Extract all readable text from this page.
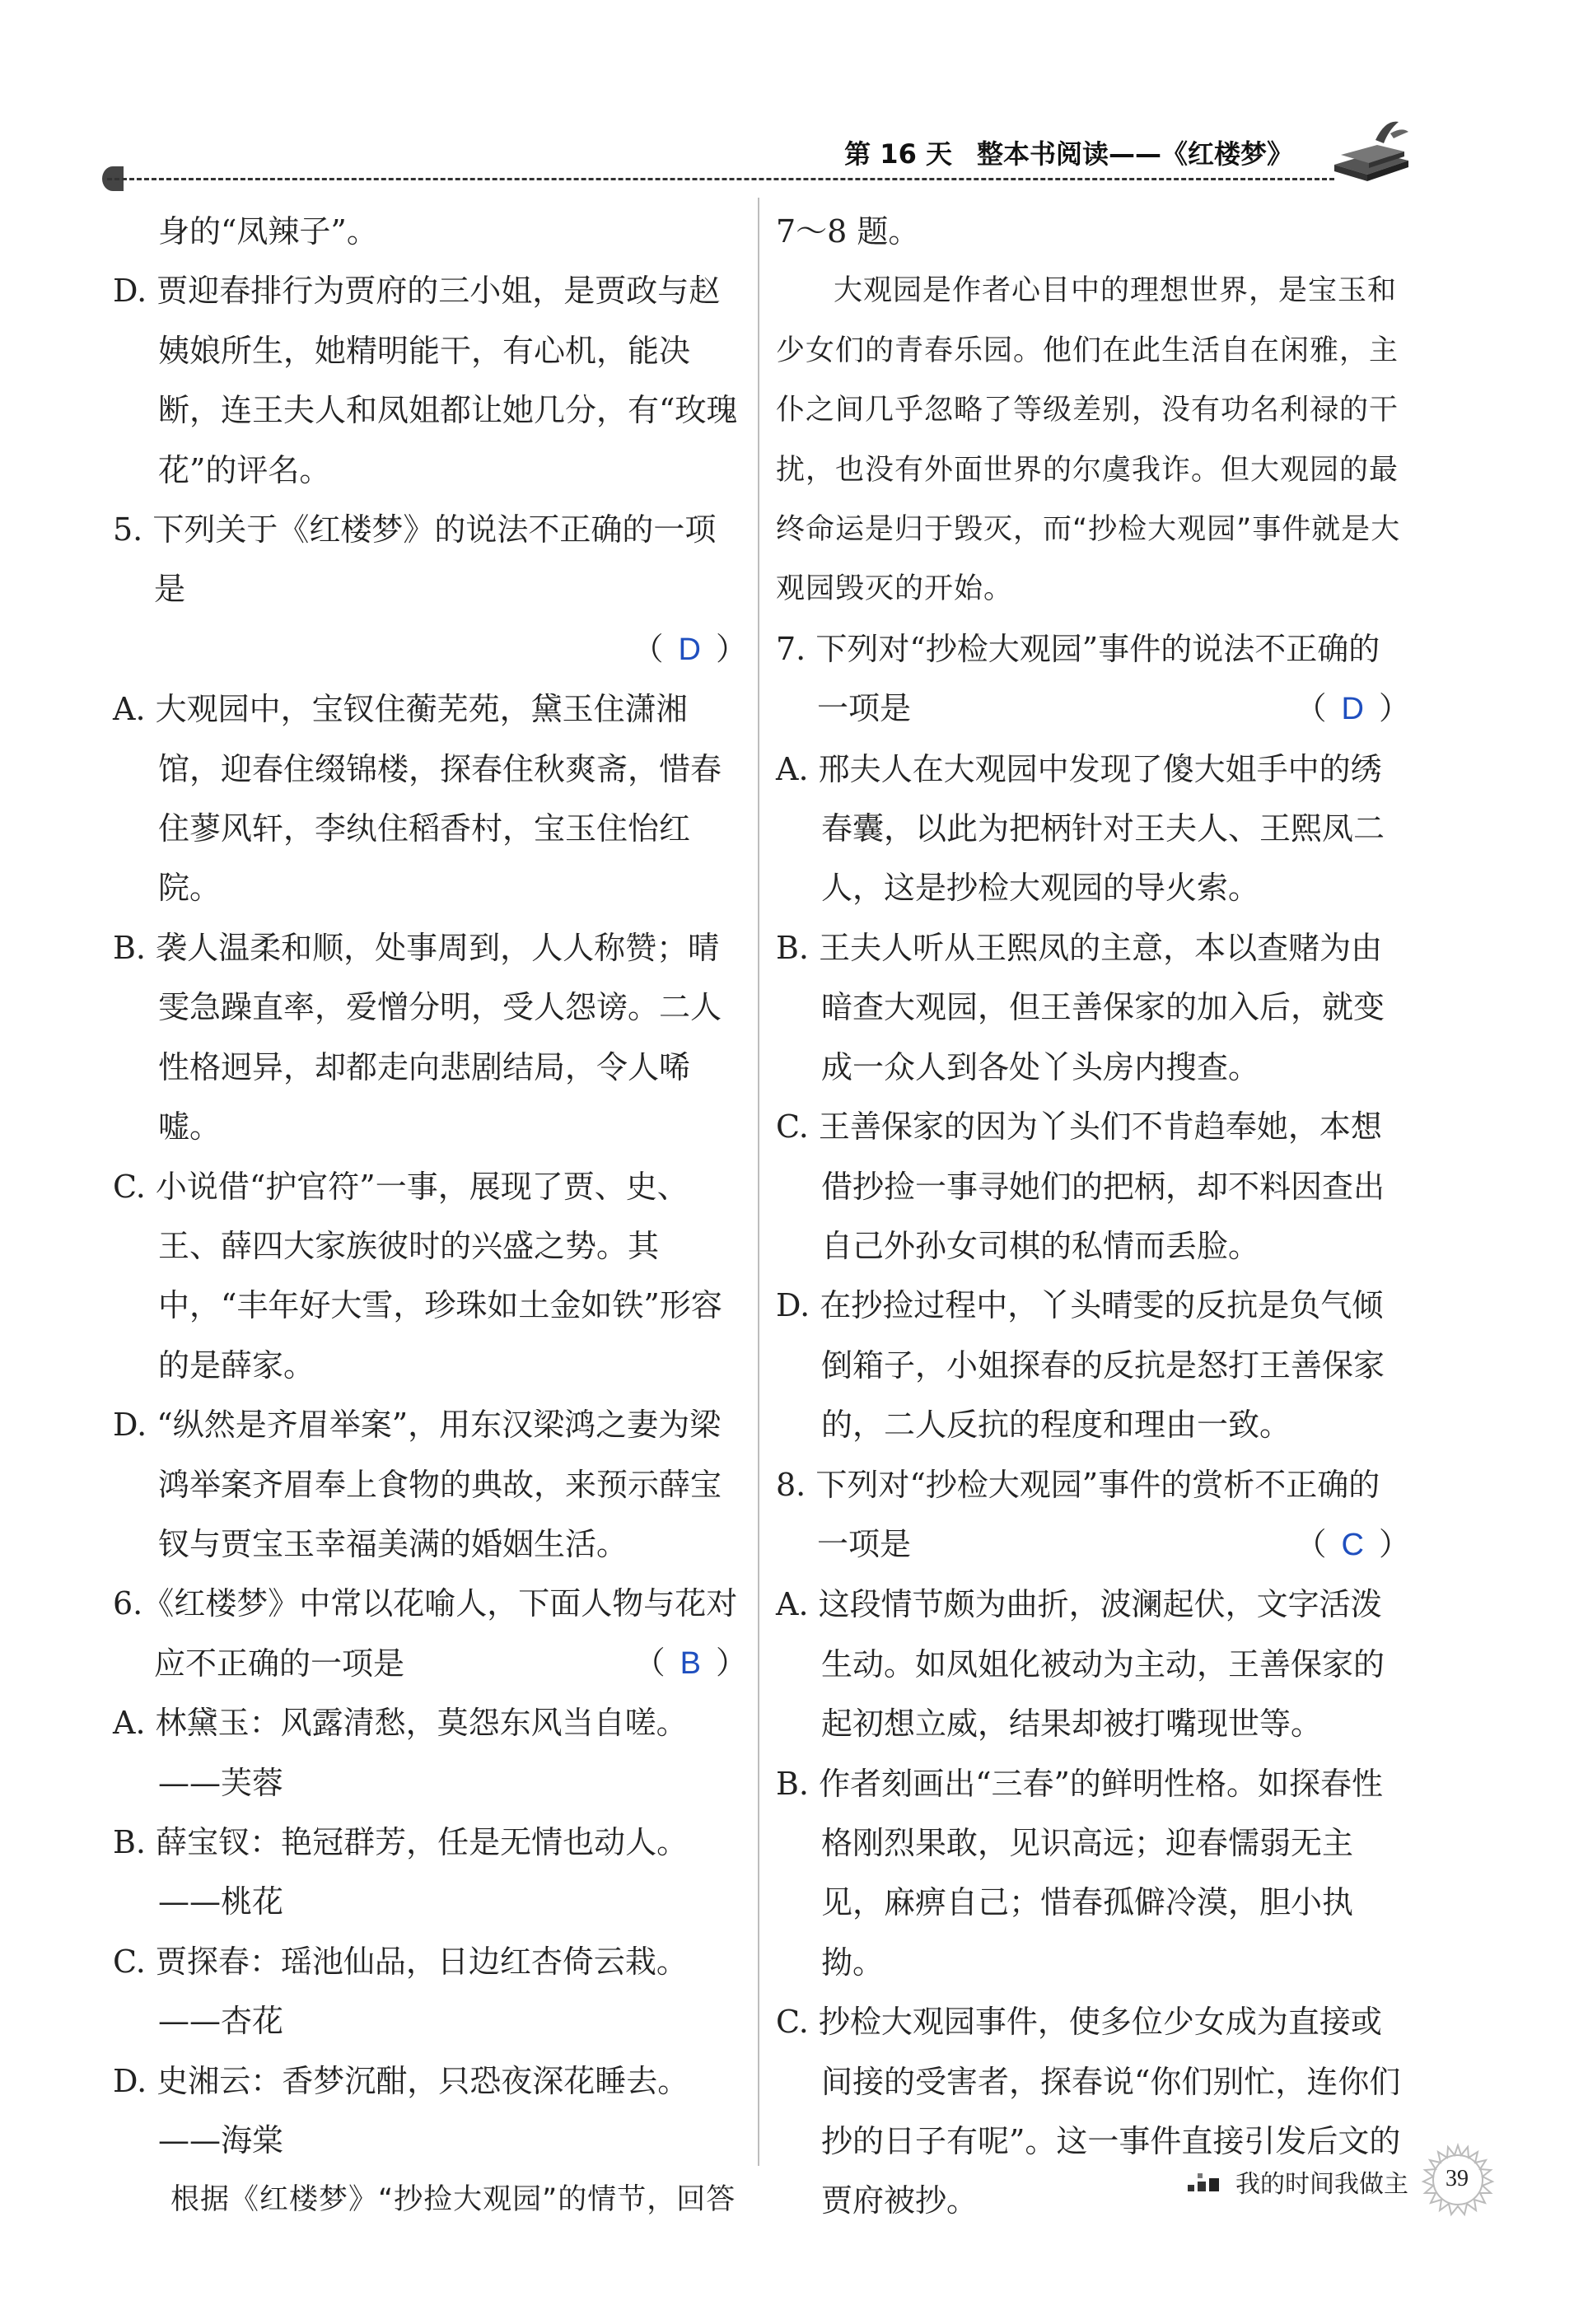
第 16 天 整本书阅读——《红楼梦》

身的“凤辣子”。

D. 贾迎春排行为贾府的三小姐，是贾政与赵姨娘所生，她精明能干，有心机，能决断，连王夫人和凤姐都让她几分，有“玫瑰花”的评名。

5. 下列关于《红楼梦》的说法不正确的一项是

（ D ）

A. 大观园中，宝钗住蘅芜苑，黛玉住潇湘馆，迎春住缀锦楼，探春住秋爽斋，惜春住蓼风轩，李纨住稻香村，宝玉住怡红院。

B. 袭人温柔和顺，处事周到，人人称赞；晴雯急躁直率，爱憎分明，受人怨谤。二人性格迥异，却都走向悲剧结局，令人唏嘘。

C. 小说借“护官符”一事，展现了贾、史、王、薛四大家族彼时的兴盛之势。其中，“丰年好大雪，珍珠如土金如铁”形容的是薛家。

D. “纵然是齐眉举案”，用东汉梁鸿之妻为梁鸿举案齐眉奉上食物的典故，来预示薛宝钗与贾宝玉幸福美满的婚姻生活。

6.《红楼梦》中常以花喻人，下面人物与花对应不正确的一项是	（ B ）

A. 林黛玉：风露清愁，莫怨东风当自嗟。——芙蓉

B. 薛宝钗：艳冠群芳，任是无情也动人。——桃花

C. 贾探春：瑶池仙品，日边红杏倚云栽。——杏花

D. 史湘云：香梦沉酣，只恐夜深花睡去。——海棠

根据《红楼梦》“抄捡大观园”的情节，回答

7～8 题。

大观园是作者心目中的理想世界，是宝玉和少女们的青春乐园。他们在此生活自在闲雅，主仆之间几乎忽略了等级差别，没有功名利禄的干扰，也没有外面世界的尔虞我诈。但大观园的最终命运是归于毁灭，而“抄检大观园”事件就是大观园毁灭的开始。

7. 下列对“抄检大观园”事件的说法不正确的一项是	（ D ）

A. 邢夫人在大观园中发现了傻大姐手中的绣春囊，以此为把柄针对王夫人、王熙凤二人，这是抄检大观园的导火索。

B. 王夫人听从王熙凤的主意，本以查赌为由暗查大观园，但王善保家的加入后，就变成一众人到各处丫头房内搜查。

C. 王善保家的因为丫头们不肯趋奉她，本想借抄捡一事寻她们的把柄，却不料因查出自己外孙女司棋的私情而丢脸。

D. 在抄捡过程中，丫头晴雯的反抗是负气倾倒箱子，小姐探春的反抗是怒打王善保家的，二人反抗的程度和理由一致。

8. 下列对“抄检大观园”事件的赏析不正确的一项是	（ C ）

A. 这段情节颇为曲折，波澜起伏，文字活泼生动。如凤姐化被动为主动，王善保家的起初想立威，结果却被打嘴现世等。

B. 作者刻画出“三春”的鲜明性格。如探春性格刚烈果敢，见识高远；迎春懦弱无主见，麻痹自己；惜春孤僻冷漠，胆小执拗。

C. 抄检大观园事件，使多位少女成为直接或间接的受害者，探春说“你们别忙，连你们抄的日子有呢”。这一事件直接引发后文的贾府被抄。	我的时间我做主	39
